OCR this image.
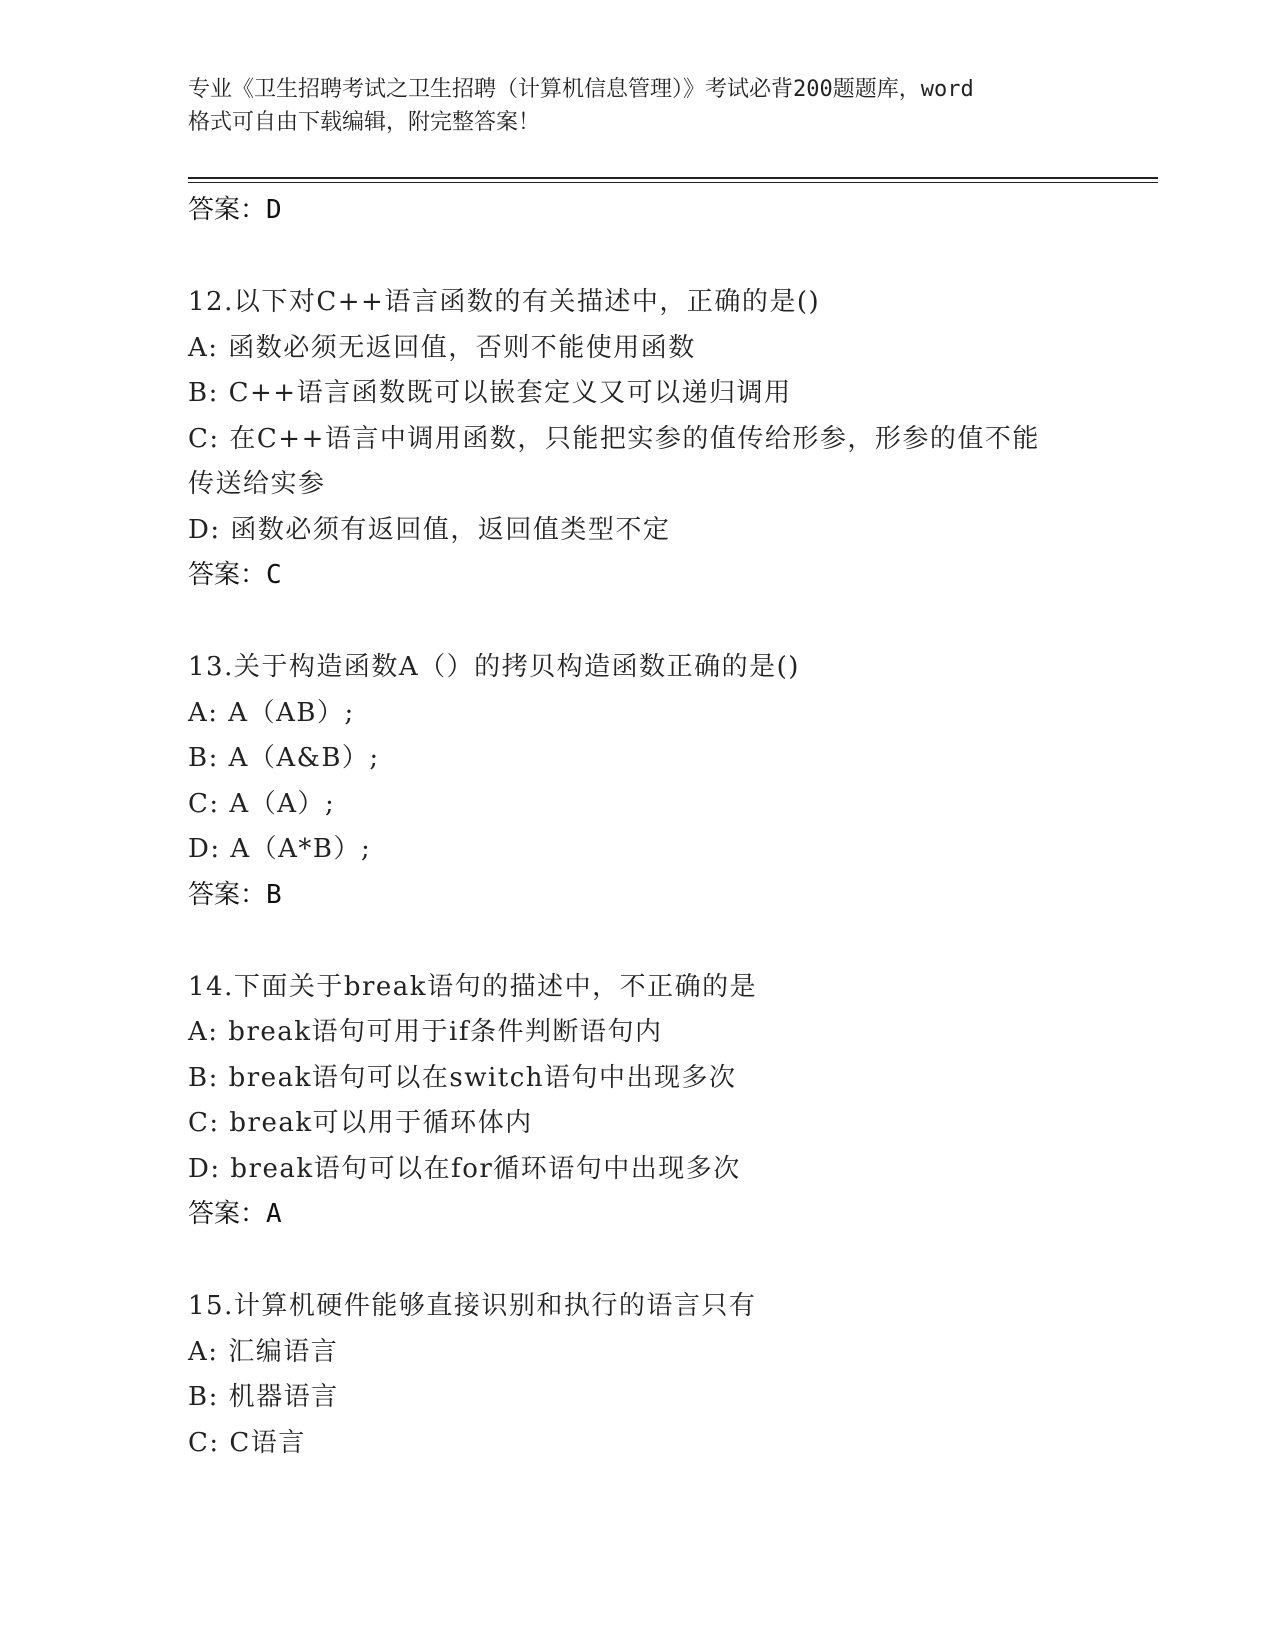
专业《卫生招聘考试之卫生招聘（计算机信息管理）》考试必背200题题库，word
格式可自由下载编辑，附完整答案！

答案：D

12.以下对C++语言函数的有关描述中，正确的是()

A: 函数必须无返回值，否则不能使用函数

B: C++语言函数既可以嵌套定义又可以递归调用

C: 在C++语言中调用函数，只能把实参的值传给形参，形参的值不能

传送给实参

D: 函数必须有返回值，返回值类型不定

答案：C

13.关于构造函数A（）的拷贝构造函数正确的是()

A: A（AB）;

B: A（A&B）;

C: A（A）;

D: A（A*B）;

答案：B

14.下面关于break语句的描述中，不正确的是

A: break语句可用于if条件判断语句内

B: break语句可以在switch语句中出现多次

C: break可以用于循环体内

D: break语句可以在for循环语句中出现多次

答案：A

15.计算机硬件能够直接识别和执行的语言只有

A: 汇编语言

B: 机器语言

C: C语言
